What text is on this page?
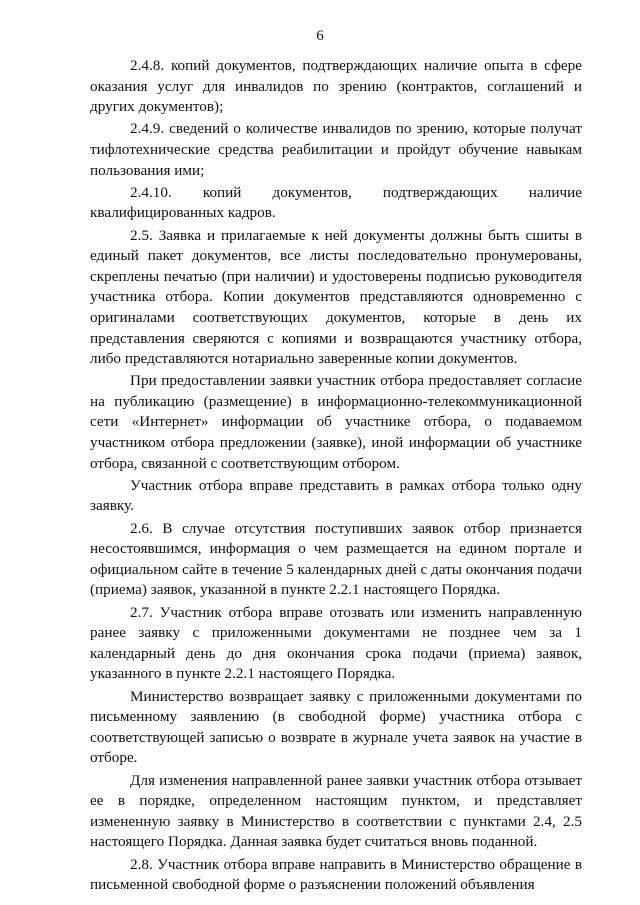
6

2.4.8. копий документов, подтверждающих наличие опыта в сфере оказания услуг для инвалидов по зрению (контрактов, соглашений и других документов);

2.4.9. сведений о количестве инвалидов по зрению, которые получат тифлотехнические средства реабилитации и пройдут обучение навыкам пользования ими;

2.4.10. копий документов, подтверждающих наличие квалифицированных кадров.

2.5. Заявка и прилагаемые к ней документы должны быть сшиты в единый пакет документов, все листы последовательно пронумерованы, скреплены печатью (при наличии) и удостоверены подписью руководителя участника отбора. Копии документов представляются одновременно с оригиналами соответствующих документов, которые в день их представления сверяются с копиями и возвращаются участнику отбора, либо представляются нотариально заверенные копии документов.

При предоставлении заявки участник отбора предоставляет согласие на публикацию (размещение) в информационно-телекоммуникационной сети «Интернет» информации об участнике отбора, о подаваемом участником отбора предложении (заявке), иной информации об участнике отбора, связанной с соответствующим отбором.

Участник отбора вправе представить в рамках отбора только одну заявку.

2.6. В случае отсутствия поступивших заявок отбор признается несостоявшимся, информация о чем размещается на едином портале и официальном сайте в течение 5 календарных дней с даты окончания подачи (приема) заявок, указанной в пункте 2.2.1 настоящего Порядка.

2.7. Участник отбора вправе отозвать или изменить направленную ранее заявку с приложенными документами не позднее чем за 1 календарный день до дня окончания срока подачи (приема) заявок, указанного в пункте 2.2.1 настоящего Порядка.

Министерство возвращает заявку с приложенными документами по письменному заявлению (в свободной форме) участника отбора с соответствующей записью о возврате в журнале учета заявок на участие в отборе.

Для изменения направленной ранее заявки участник отбора отзывает ее в порядке, определенном настоящим пунктом, и представляет измененную заявку в Министерство в соответствии с пунктами 2.4, 2.5 настоящего Порядка. Данная заявка будет считаться вновь поданной.

2.8. Участник отбора вправе направить в Министерство обращение в письменной свободной форме о разъяснении положений объявления
